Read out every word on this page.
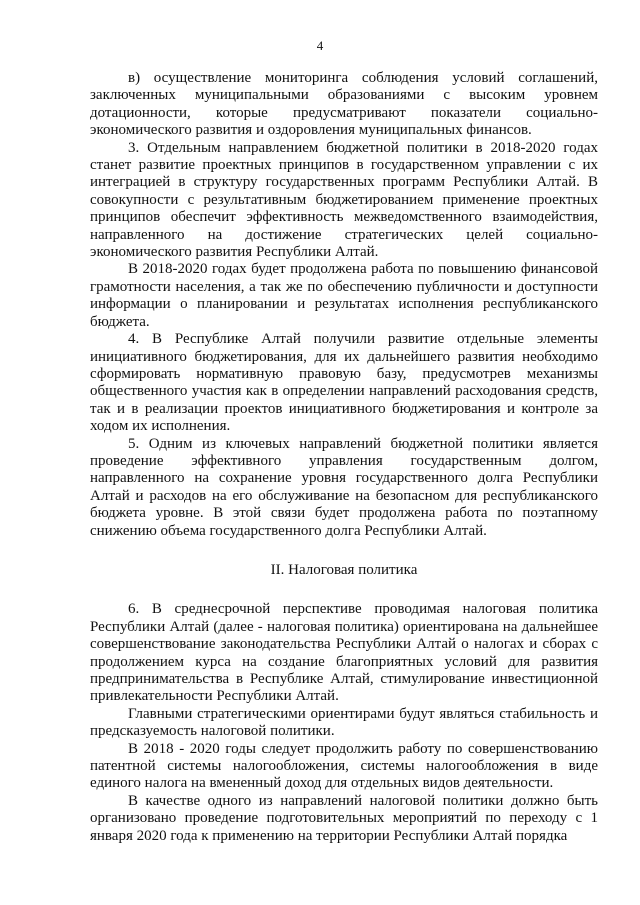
4

в) осуществление мониторинга соблюдения условий соглашений, заключенных муниципальными образованиями с высоким уровнем дотационности, которые предусматривают показатели социально-экономического развития и оздоровления муниципальных финансов.

3. Отдельным направлением бюджетной политики в 2018-2020 годах станет развитие проектных принципов в государственном управлении с их интеграцией в структуру государственных программ Республики Алтай. В совокупности с результативным бюджетированием применение проектных принципов обеспечит эффективность межведомственного взаимодействия, направленного на достижение стратегических целей социально-экономического развития Республики Алтай.

В 2018-2020 годах будет продолжена работа по повышению финансовой грамотности населения, а так же по обеспечению публичности и доступности информации о планировании и результатах исполнения республиканского бюджета.

4. В Республике Алтай получили развитие отдельные элементы инициативного бюджетирования, для их дальнейшего развития необходимо сформировать нормативную правовую базу, предусмотрев механизмы общественного участия как в определении направлений расходования средств, так и в реализации проектов инициативного бюджетирования и контроле за ходом их исполнения.

5. Одним из ключевых направлений бюджетной политики является проведение эффективного управления государственным долгом, направленного на сохранение уровня государственного долга Республики Алтай и расходов на его обслуживание на безопасном для республиканского бюджета уровне. В этой связи будет продолжена работа по поэтапному снижению объема государственного долга Республики Алтай.

II. Налоговая политика

6. В среднесрочной перспективе проводимая налоговая политика Республики Алтай (далее - налоговая политика) ориентирована на дальнейшее совершенствование законодательства Республики Алтай о налогах и сборах с продолжением курса на создание благоприятных условий для развития предпринимательства в Республике Алтай, стимулирование инвестиционной привлекательности Республики Алтай.

Главными стратегическими ориентирами будут являться стабильность и предсказуемость налоговой политики.

В 2018 - 2020 годы следует продолжить работу по совершенствованию патентной системы налогообложения, системы налогообложения в виде единого налога на вмененный доход для отдельных видов деятельности.

В качестве одного из направлений налоговой политики должно быть организовано проведение подготовительных мероприятий по переходу с 1 января 2020 года к применению на территории Республики Алтай порядка
